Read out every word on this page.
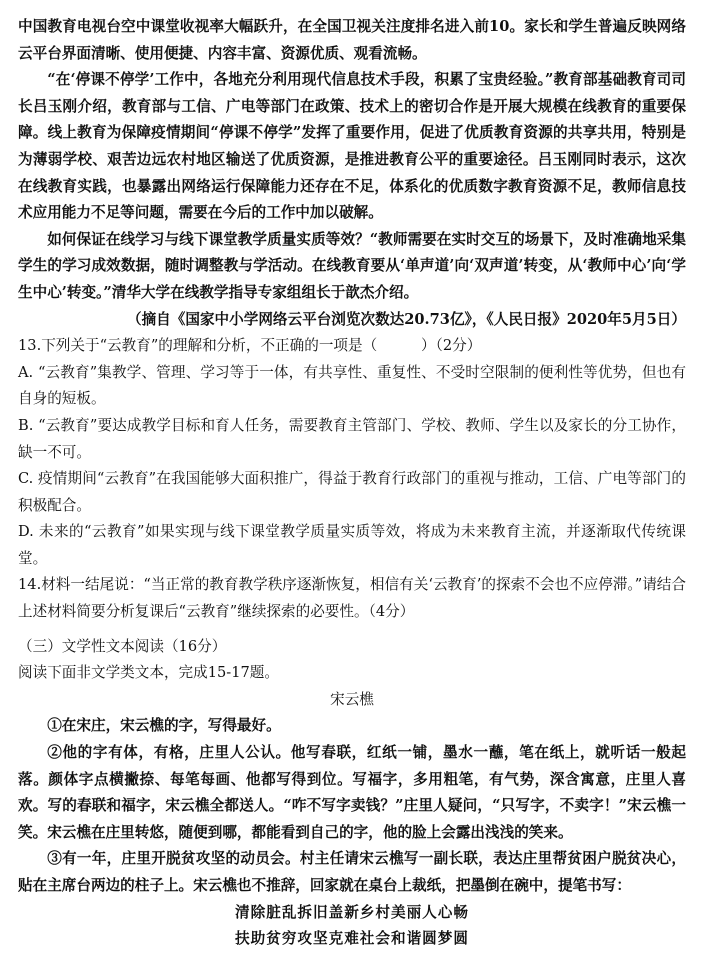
中国教育电视台空中课堂收视率大幅跃升，在全国卫视关注度排名进入前10。家长和学生普遍反映网络云平台界面清晰、使用便捷、内容丰富、资源优质、观看流畅。

“在‘停课不停学’工作中，各地充分利用现代信息技术手段，积累了宝贵经验。”教育部基础教育司司长吕玉刚介绍，教育部与工信、广电等部门在政策、技术上的密切合作是开展大规模在线教育的重要保障。线上教育为保障疫情期间“停课不停学”发挥了重要作用，促进了优质教育资源的共享共用，特别是为薄弱学校、艰苦边远农村地区输送了优质资源，是推进教育公平的重要途径。吕玉刚同时表示，这次在线教育实践，也暴露出网络运行保障能力还存在不足，体系化的优质数字教育资源不足，教师信息技术应用能力不足等问题，需要在今后的工作中加以破解。

如何保证在线学习与线下课堂教学质量实质等效？“教师需要在实时交互的场景下，及时准确地采集学生的学习成效数据，随时调整教与学活动。在线教育要从‘单声道’向‘双声道’转变，从‘教师中心’向‘学生中心’转变。”清华大学在线教学指导专家组组长于歆杰介绍。

（摘自《国家中小学网络云平台浏览次数达20.73亿》，《人民日报》2020年5月5日）

13.下列关于“云教育”的理解和分析，不正确的一项是（　　　）（2分）

A. “云教育”集教学、管理、学习等于一体，有共享性、重复性、不受时空限制的便利性等优势，但也有自身的短板。

B. “云教育”要达成教学目标和育人任务，需要教育主管部门、学校、教师、学生以及家长的分工协作，缺一不可。

C. 疫情期间“云教育”在我国能够大面积推广，得益于教育行政部门的重视与推动，工信、广电等部门的积极配合。

D. 未来的“云教育”如果实现与线下课堂教学质量实质等效，将成为未来教育主流，并逐渐取代传统课堂。

14.材料一结尾说：“当正常的教育教学秩序逐渐恢复，相信有关‘云教育’的探索不会也不应停滞。”请结合上述材料简要分析复课后“云教育”继续探索的必要性。（4分）

（三）文学性文本阅读（16分）

阅读下面非文学类文本，完成15-17题。

宋云樵

①在宋庄，宋云樵的字，写得最好。

②他的字有体，有格，庄里人公认。他写春联，红纸一铺，墨水一蘸，笔在纸上，就听话一般起落。颜体字点横撇捺、每笔每画、他都写得到位。写福字，多用粗笔，有气势，深含寓意，庄里人喜欢。写的春联和福字，宋云樵全都送人。“咋不写字卖钱？”庄里人疑问，“只写字，不卖字！”宋云樵一笑。宋云樵在庄里转悠，随便到哪，都能看到自己的字，他的脸上会露出浅浅的笑来。

③有一年，庄里开脱贫攻坚的动员会。村主任请宋云樵写一副长联，表达庄里帮贫困户脱贫决心，贴在主席台两边的柱子上。宋云樵也不推辞，回家就在桌台上裁纸，把墨倒在碗中，提笔书写：

清除脏乱拆旧盖新乡村美丽人心畅

扶助贫穷攻坚克难社会和谐圆梦圆
